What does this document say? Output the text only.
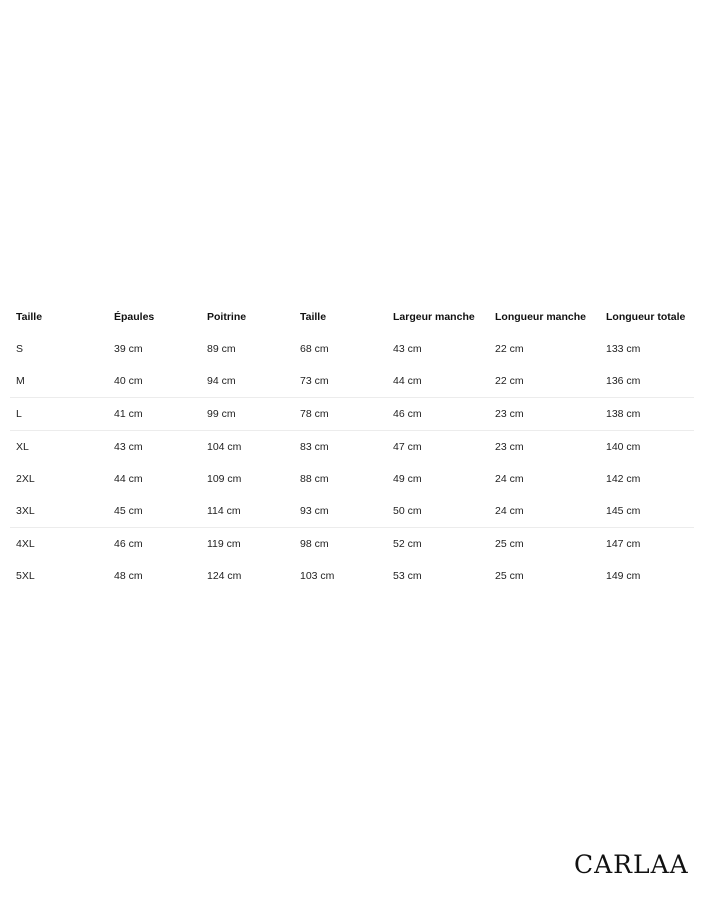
Taille	Épaules	Poitrine	Taille	Largeur manche	Longueur manche	Longueur totale
S	39 cm	89 cm	68 cm	43 cm	22 cm	133 cm
M	40 cm	94 cm	73 cm	44 cm	22 cm	136 cm
L	41 cm	99 cm	78 cm	46 cm	23 cm	138 cm
XL	43 cm	104 cm	83 cm	47 cm	23 cm	140 cm
2XL	44 cm	109 cm	88 cm	49 cm	24 cm	142 cm
3XL	45 cm	114 cm	93 cm	50 cm	24 cm	145 cm
4XL	46 cm	119 cm	98 cm	52 cm	25 cm	147 cm
5XL	48 cm	124 cm	103 cm	53 cm	25 cm	149 cm
CARLAA
